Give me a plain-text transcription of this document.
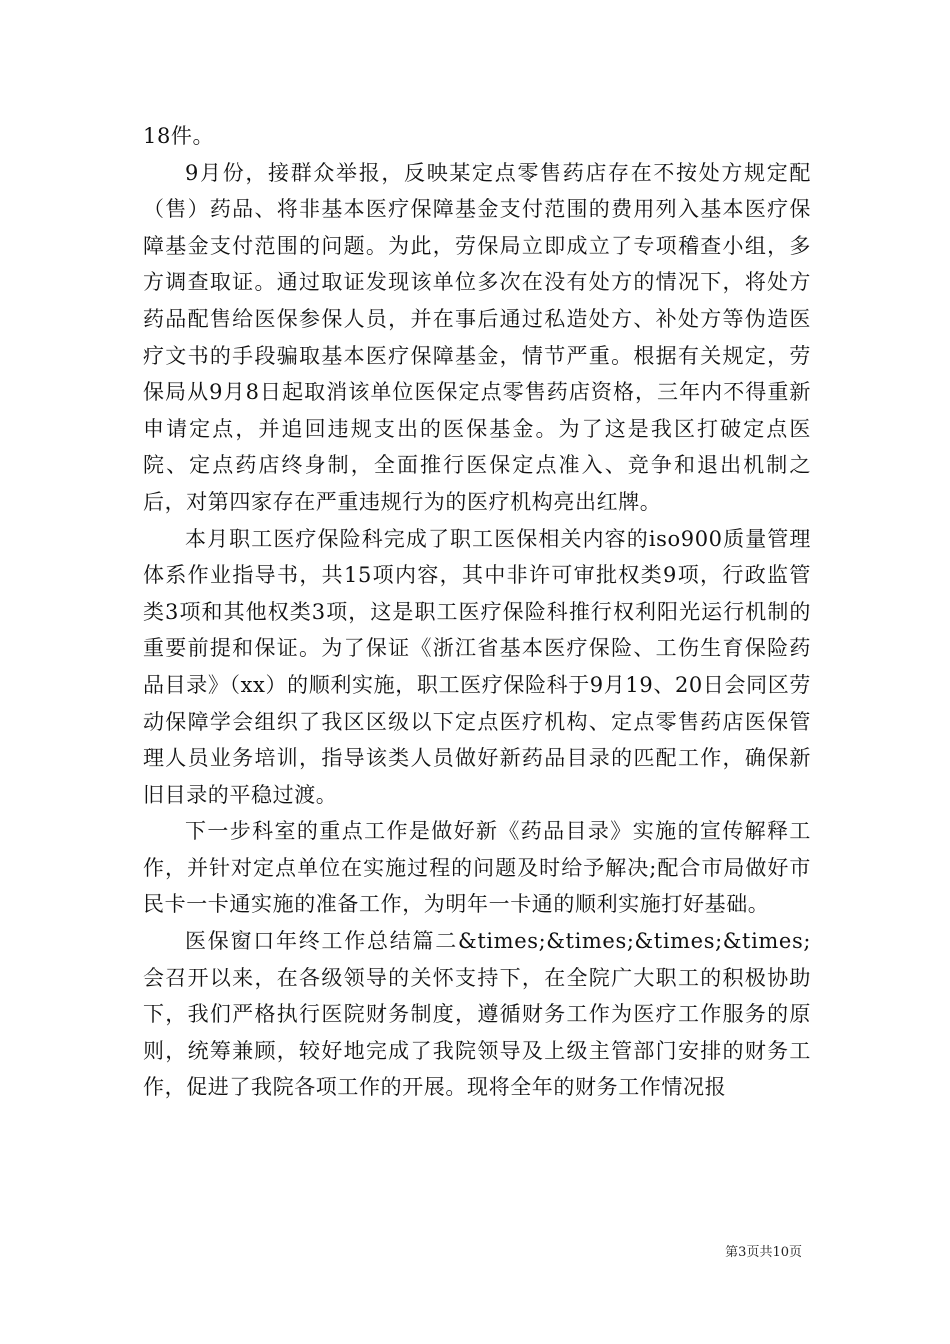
18件。

9月份，接群众举报，反映某定点零售药店存在不按处方规定配（售）药品、将非基本医疗保障基金支付范围的费用列入基本医疗保障基金支付范围的问题。为此，劳保局立即成立了专项稽查小组，多方调查取证。通过取证发现该单位多次在没有处方的情况下，将处方药品配售给医保参保人员，并在事后通过私造处方、补处方等伪造医疗文书的手段骗取基本医疗保障基金，情节严重。根据有关规定，劳保局从9月8日起取消该单位医保定点零售药店资格，三年内不得重新申请定点，并追回违规支出的医保基金。为了这是我区打破定点医院、定点药店终身制，全面推行医保定点准入、竞争和退出机制之后，对第四家存在严重违规行为的医疗机构亮出红牌。

本月职工医疗保险科完成了职工医保相关内容的iso900质量管理体系作业指导书，共15项内容，其中非许可审批权类9项，行政监管类3项和其他权类3项，这是职工医疗保险科推行权利阳光运行机制的重要前提和保证。为了保证《浙江省基本医疗保险、工伤生育保险药品目录》（xx）的顺利实施，职工医疗保险科于9月19、20日会同区劳动保障学会组织了我区区级以下定点医疗机构、定点零售药店医保管理人员业务培训，指导该类人员做好新药品目录的匹配工作，确保新旧目录的平稳过渡。

下一步科室的重点工作是做好新《药品目录》实施的宣传解释工作，并针对定点单位在实施过程的问题及时给予解决;配合市局做好市民卡一卡通实施的准备工作，为明年一卡通的顺利实施打好基础。

医保窗口年终工作总结篇二&times;&times;&times;&times;会召开以来，在各级领导的关怀支持下，在全院广大职工的积极协助下，我们严格执行医院财务制度，遵循财务工作为医疗工作服务的原则，统筹兼顾，较好地完成了我院领导及上级主管部门安排的财务工作，促进了我院各项工作的开展。现将全年的财务工作情况报

第3页共10页
